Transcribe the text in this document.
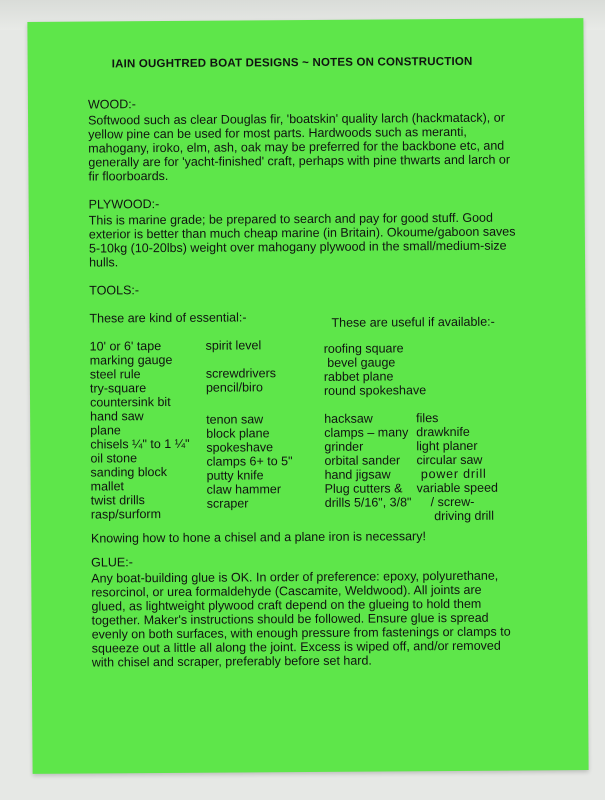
IAIN OUGHTRED BOAT DESIGNS ~ NOTES ON CONSTRUCTION
WOOD:-
Softwood such as clear Douglas fir, 'boatskin' quality larch (hackmatack), or
yellow pine can be used for most parts. Hardwoods such as meranti,
mahogany, iroko, elm, ash, oak may be preferred for the backbone etc, and
generally are for 'yacht-finished' craft, perhaps with pine thwarts and larch or
fir floorboards.
PLYWOOD:-
This is marine grade; be prepared to search and pay for good stuff. Good
exterior is better than much cheap marine (in Britain). Okoume/gaboon saves
5-10kg (10-20lbs) weight over mahogany plywood in the small/medium-size
hulls.
TOOLS:-
These are kind of essential:-	These are useful if available:-
10' or 6' tape
marking gauge
steel rule
try-square
countersink bit
hand saw
plane
chisels ¼" to 1 ¼"
oil stone
sanding block
mallet
twist drills
rasp/surform
spirit level
screwdrivers
pencil/biro
tenon saw
block plane
spokeshave
clamps 6+ to 5"
putty knife
claw hammer
scraper
roofing square
bevel gauge
rabbet plane
round spokeshave
hacksaw
clamps – many
grinder
orbital sander
hand jigsaw
Plug cutters &
drills 5/16", 3/8"
files
drawknife
light planer
circular saw
power drill
variable speed
/ screw-
driving drill
Knowing how to hone a chisel and a plane iron is necessary!
GLUE:-
Any boat-building glue is OK. In order of preference: epoxy, polyurethane,
resorcinol, or urea formaldehyde (Cascamite, Weldwood). All joints are
glued, as lightweight plywood craft depend on the glueing to hold them
together. Maker's instructions should be followed. Ensure glue is spread
evenly on both surfaces, with enough pressure from fastenings or clamps to
squeeze out a little all along the joint. Excess is wiped off, and/or removed
with chisel and scraper, preferably before set hard.
